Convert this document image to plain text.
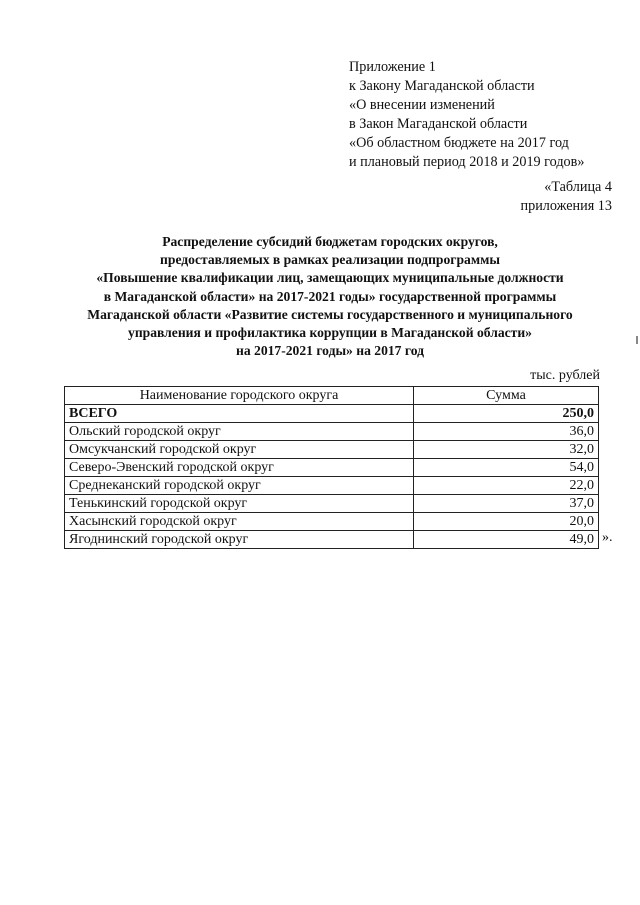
Приложение 1
к Закону Магаданской области
«О внесении изменений
в Закон Магаданской области
«Об областном бюджете на 2017 год
и плановый период 2018 и 2019 годов»
«Таблица 4
приложения 13
Распределение субсидий бюджетам городских округов,
предоставляемых в рамках реализации подпрограммы
«Повышение квалификации лиц, замещающих муниципальные должности
в Магаданской области» на 2017-2021 годы» государственной программы
Магаданской области «Развитие системы государственного и муниципального
управления и профилактика коррупции в Магаданской области»
на 2017-2021 годы» на 2017 год
тыс. рублей
Наименование городского округа	Сумма
ВСЕГО	250,0
Ольский городской округ	36,0
Омсукчанский городской округ	32,0
Северо-Эвенский городской округ	54,0
Среднеканский городской округ	22,0
Тенькинский городской округ	37,0
Хасынский городской округ	20,0
Ягоднинский городской округ	49,0 ».
